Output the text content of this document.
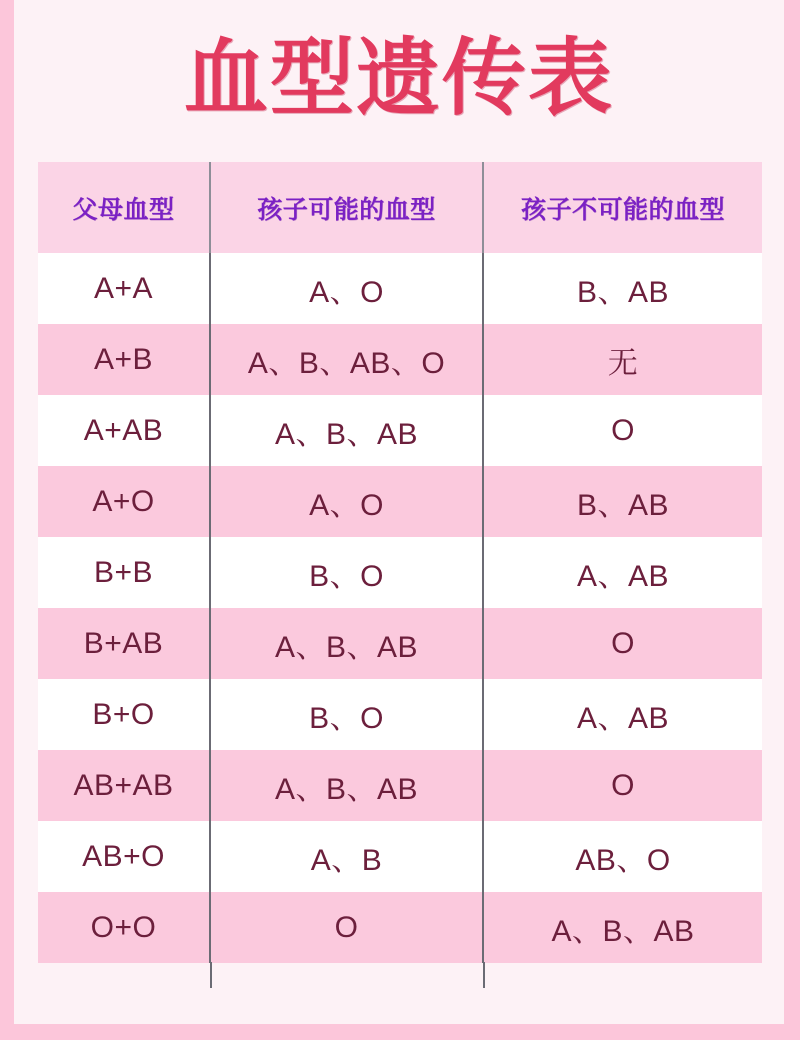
血型遗传表
父母血型	孩子可能的血型	孩子不可能的血型
A+A	A、O	B、AB
A+B	A、B、AB、O	无
A+AB	A、B、AB	O
A+O	A、O	B、AB
B+B	B、O	A、AB
B+AB	A、B、AB	O
B+O	B、O	A、AB
AB+AB	A、B、AB	O
AB+O	A、B	AB、O
O+O	O	A、B、AB
